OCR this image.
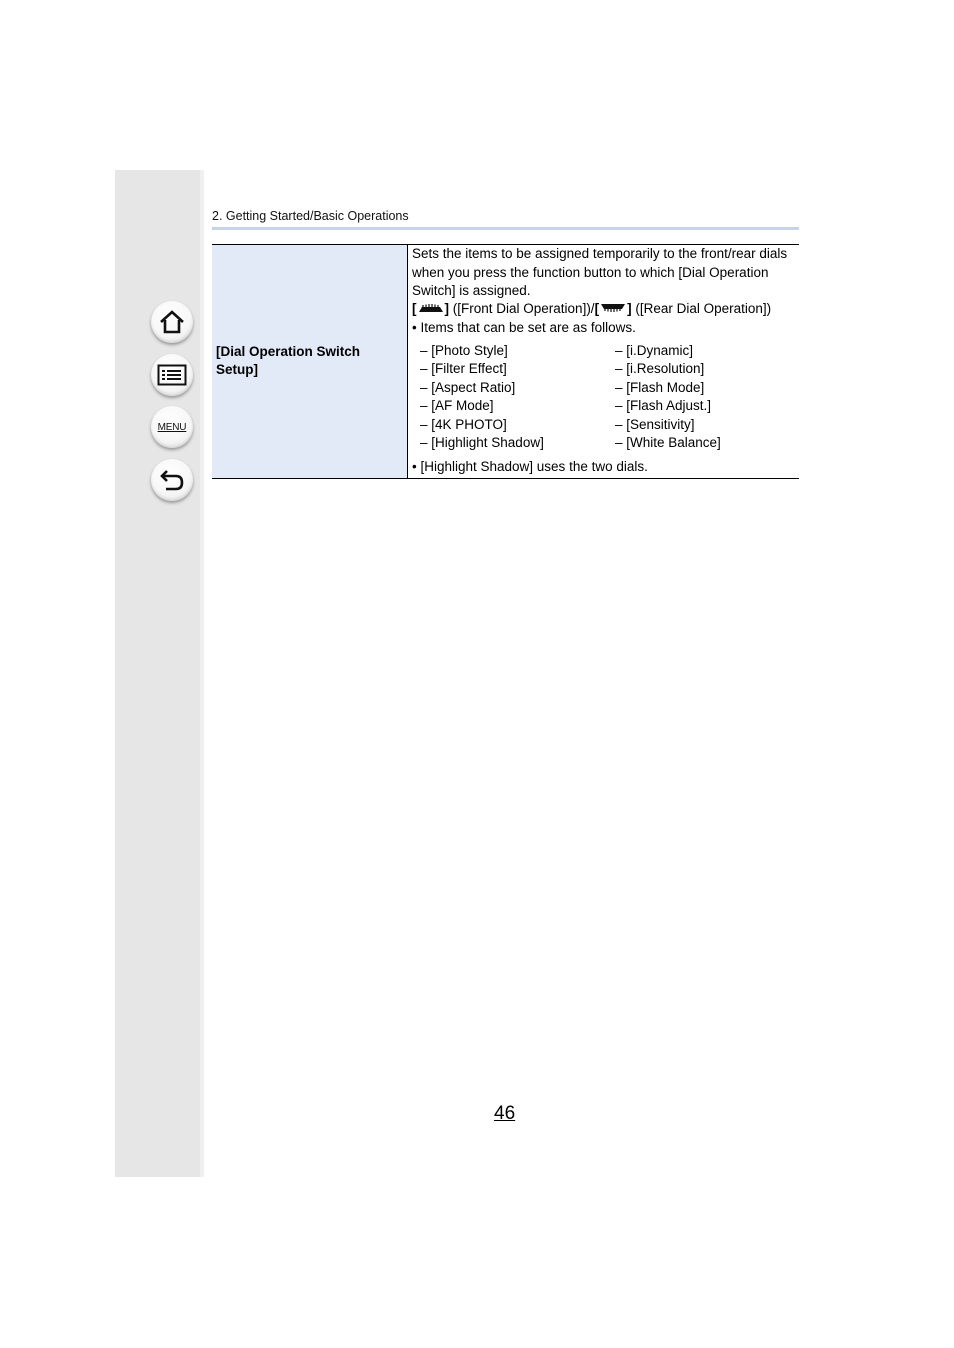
MENU
2. Getting Started/Basic Operations
[Dial Operation Switch Setup]
Sets the items to be assigned temporarily to the front/rear dials when you press the function button to which [Dial Operation Switch] is assigned.
[ ] ([Front Dial Operation])/[ ] ([Rear Dial Operation])
• Items that can be set are as follows.
– [Photo Style]
– [Filter Effect]
– [Aspect Ratio]
– [AF Mode]
– [4K PHOTO]
– [Highlight Shadow]
– [i.Dynamic]
– [i.Resolution]
– [Flash Mode]
– [Flash Adjust.]
– [Sensitivity]
– [White Balance]
• [Highlight Shadow] uses the two dials.
46
